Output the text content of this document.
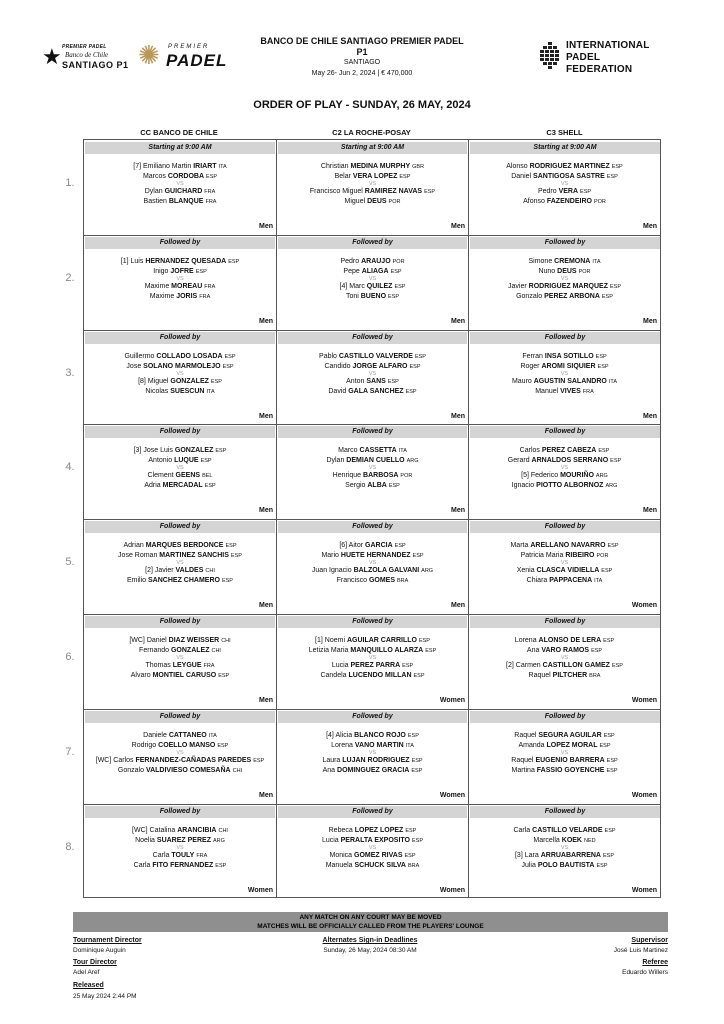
★ PREMIER PADEL
Banco de Chile
SANTIAGO P1 ✺ PREMIER
PADEL
INTERNATIONAL
PADEL
FEDERATION
BANCO DE CHILE SANTIAGO PREMIER PADEL
P1
SANTIAGO
May 26- Jun 2, 2024 | € 470,000
ORDER OF PLAY - SUNDAY, 26 MAY, 2024
CC BANCO DE CHILE	C2 LA ROCHE-POSAY	C3 SHELL
Starting at 9:00 AM
[7] Emiliano Martin IRIART $^{ITA}$
Marcos CORDOBA $^{ESP}$
Dylan GUICHARD $^{FRA}$
Bastien BLANQUE $^{FRA}$
VS
Men
Starting at 9:00 AM
Christian MEDINA MURPHY $^{GBR}$
Belar VERA LOPEZ $^{ESP}$
Francisco Miguel RAMIREZ NAVAS $^{ESP}$
Miguel DEUS $^{POR}$
VS
Men
Starting at 9:00 AM
Alonso RODRIGUEZ MARTINEZ $^{ESP}$
Daniel SANTIGOSA SASTRE $^{ESP}$
Pedro VERA $^{ESP}$
Afonso FAZENDEIRO $^{POR}$
VS
Men
Followed by
[1] Luis HERNANDEZ QUESADA $^{ESP}$
Inigo JOFRE $^{ESP}$
Maxime MOREAU $^{FRA}$
Maxime JORIS $^{FRA}$
VS
Men
Followed by
Pedro ARAUJO $^{POR}$
Pepe ALIAGA $^{ESP}$
[4] Marc QUILEZ $^{ESP}$
Toni BUENO $^{ESP}$
VS
Men
Followed by
Simone CREMONA $^{ITA}$
Nuno DEUS $^{POR}$
Javier RODRIGUEZ MARQUEZ $^{ESP}$
Gonzalo PEREZ ARBONA $^{ESP}$
VS
Men
Followed by
Guillermo COLLADO LOSADA $^{ESP}$
Jose SOLANO MARMOLEJO $^{ESP}$
[8] Miguel GONZALEZ $^{ESP}$
Nicolas SUESCUN $^{ITA}$
VS
Men
Followed by
Pablo CASTILLO VALVERDE $^{ESP}$
Candido JORGE ALFARO $^{ESP}$
Anton SANS $^{ESP}$
David GALA SANCHEZ $^{ESP}$
VS
Men
Followed by
Ferran INSA SOTILLO $^{ESP}$
Roger AROMI SIQUIER $^{ESP}$
Mauro AGUSTIN SALANDRO $^{ITA}$
Manuel VIVES $^{FRA}$
VS
Men
Followed by
[3] Jose Luis GONZALEZ $^{ESP}$
Antonio LUQUE $^{ESP}$
Clement GEENS $^{BEL}$
Adria MERCADAL $^{ESP}$
VS
Men
Followed by
Marco CASSETTA $^{ITA}$
Dylan DEMIAN CUELLO $^{ARG}$
Henrique BARBOSA $^{POR}$
Sergio ALBA $^{ESP}$
VS
Men
Followed by
Carlos PEREZ CABEZA $^{ESP}$
Gerard ARNALDOS SERRANO $^{ESP}$
[5] Federico MOURIÑO $^{ARG}$
Ignacio PIOTTO ALBORNOZ $^{ARG}$
VS
Men
Followed by
Adrian MARQUES BERDONCE $^{ESP}$
Jose Roman MARTINEZ SANCHIS $^{ESP}$
[2] Javier VALDES $^{CHI}$
Emilio SANCHEZ CHAMERO $^{ESP}$
VS
Men
Followed by
[6] Aitor GARCIA $^{ESP}$
Mario HUETE HERNANDEZ $^{ESP}$
Juan Ignacio BALZOLA GALVANI $^{ARG}$
Francisco GOMES $^{BRA}$
VS
Men
Followed by
Marta ARELLANO NAVARRO $^{ESP}$
Patricia Maria RIBEIRO $^{POR}$
Xenia CLASCA VIDIELLA $^{ESP}$
Chiara PAPPACENA $^{ITA}$
VS
Women
Followed by
[WC] Daniel DIAZ WEISSER $^{CHI}$
Fernando GONZALEZ $^{CHI}$
Thomas LEYGUE $^{FRA}$
Alvaro MONTIEL CARUSO $^{ESP}$
VS
Men
Followed by
[1] Noemi AGUILAR CARRILLO $^{ESP}$
Letizia Maria MANQUILLO ALARZA $^{ESP}$
Lucia PEREZ PARRA $^{ESP}$
Candela LUCENDO MILLAN $^{ESP}$
VS
Women
Followed by
Lorena ALONSO DE LERA $^{ESP}$
Ana VARO RAMOS $^{ESP}$
[2] Carmen CASTILLON GAMEZ $^{ESP}$
Raquel PILTCHER $^{BRA}$
VS
Women
Followed by
Daniele CATTANEO $^{ITA}$
Rodrigo COELLO MANSO $^{ESP}$
[WC] Carlos FERNANDEZ-CAÑADAS PAREDES $^{ESP}$
Gonzalo VALDIVIESO COMESAÑA $^{CHI}$
VS
Men
Followed by
[4] Alicia BLANCO ROJO $^{ESP}$
Lorena VANO MARTIN $^{ITA}$
Laura LUJAN RODRIGUEZ $^{ESP}$
Ana DOMINGUEZ GRACIA $^{ESP}$
VS
Women
Followed by
Raquel SEGURA AGUILAR $^{ESP}$
Amanda LOPEZ MORAL $^{ESP}$
Raquel EUGENIO BARRERA $^{ESP}$
Martina FASSIO GOYENCHE $^{ESP}$
VS
Women
Followed by
[WC] Catalina ARANCIBIA $^{CHI}$
Noelia SUAREZ PEREZ $^{ARG}$
Carla TOULY $^{FRA}$
Carla FITO FERNANDEZ $^{ESP}$
VS
Women
Followed by
Rebeca LOPEZ LOPEZ $^{ESP}$
Lucia PERALTA EXPOSITO $^{ESP}$
Monica GOMEZ RIVAS $^{ESP}$
Manuela SCHUCK SILVA $^{BRA}$
VS
Women
Followed by
Carla CASTILLO VELARDE $^{ESP}$
Marcella KOEK $^{NED}$
[3] Lara ARRUABARRENA $^{ESP}$
Julia POLO BAUTISTA $^{ESP}$
VS
Women
ANY MATCH ON ANY COURT MAY BE MOVED
MATCHES WILL BE OFFICIALLY CALLED FROM THE PLAYERS' LOUNGE
Tournament Director
Dominique Auguin
Tour Director
Adel Aref
Released
25 May 2024 2:44 PM
Alternates Sign-in Deadlines
Sunday, 26 May, 2024 08:30 AM
Supervisor
José Luis Martinez
Referee
Eduardo Willers
1.
2.
3.
4.
5.
6.
7.
8.
